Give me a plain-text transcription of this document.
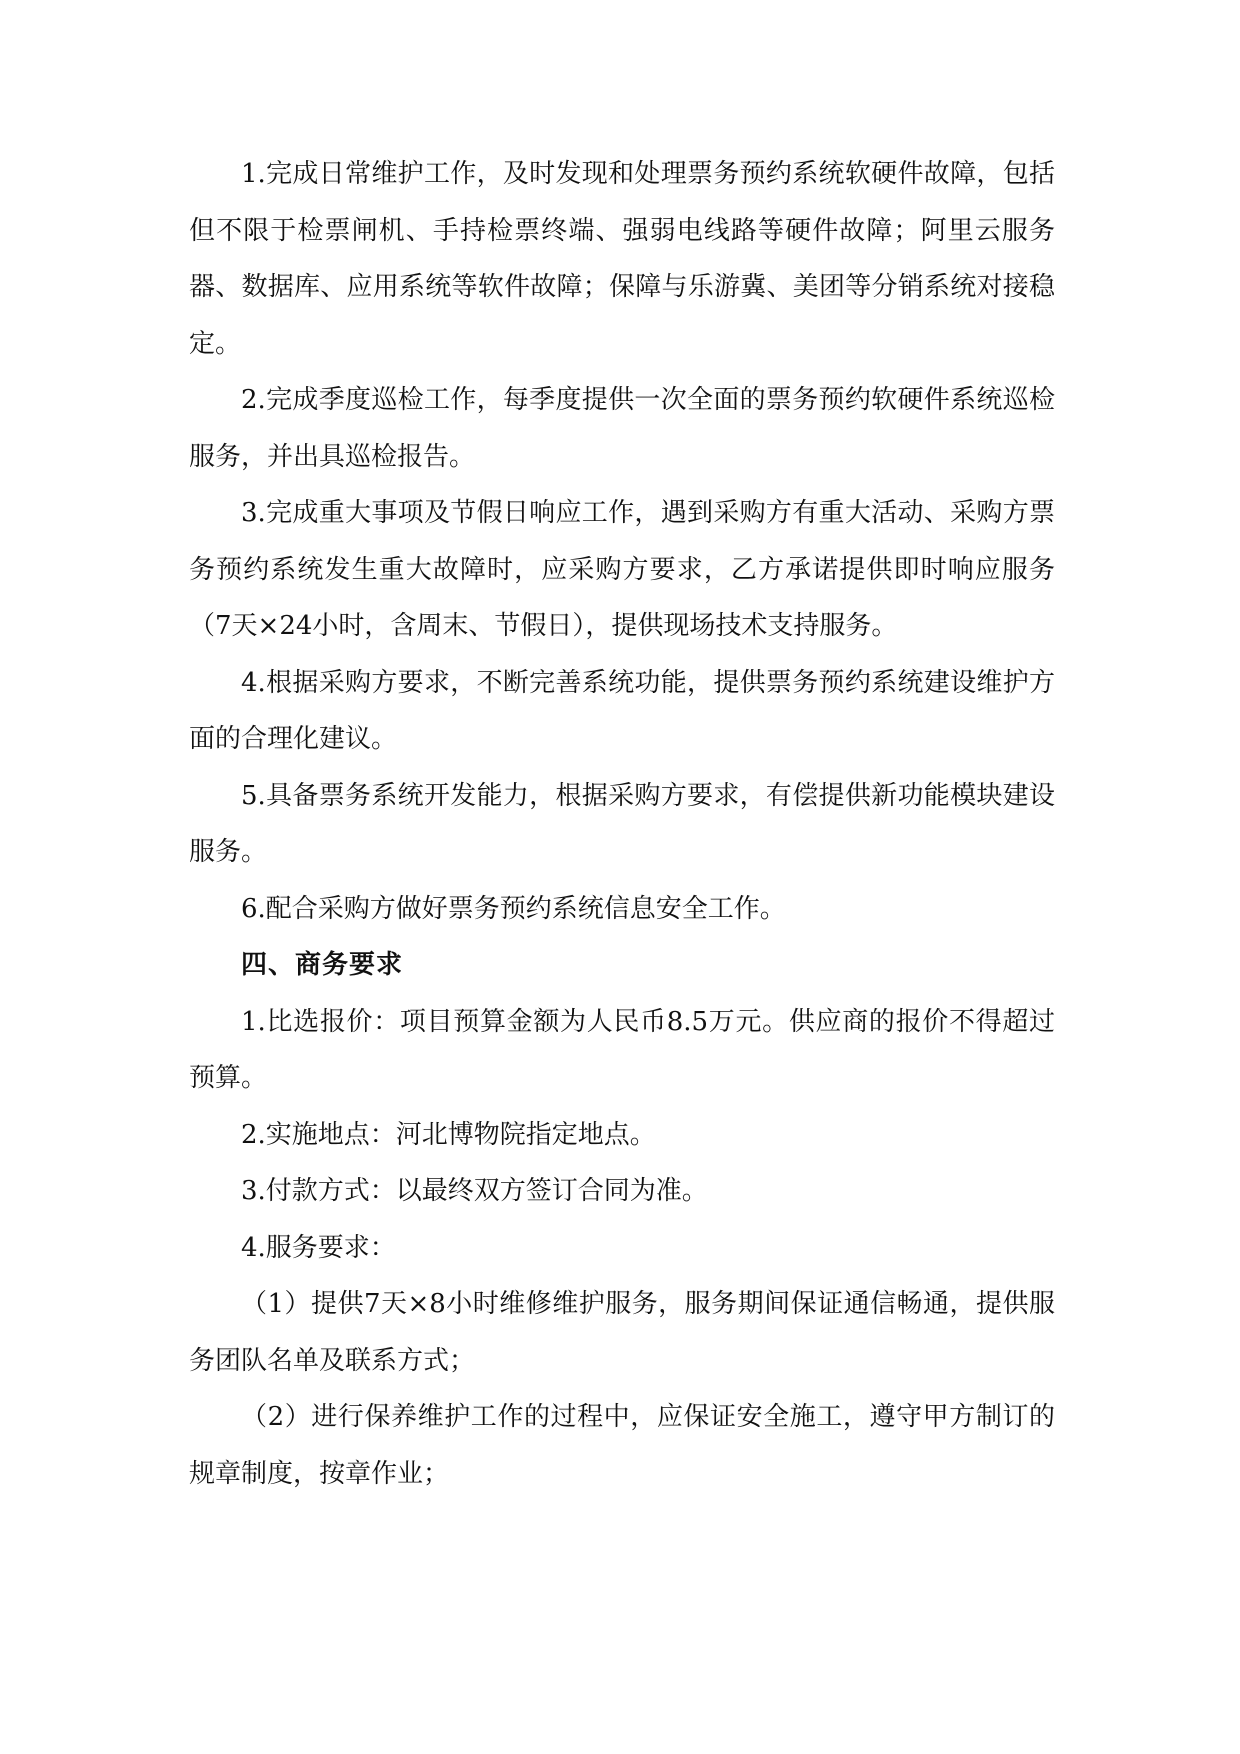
1.完成日常维护工作，及时发现和处理票务预约系统软硬件故障，包括但不限于检票闸机、手持检票终端、强弱电线路等硬件故障；阿里云服务器、数据库、应用系统等软件故障；保障与乐游冀、美团等分销系统对接稳定。

2.完成季度巡检工作，每季度提供一次全面的票务预约软硬件系统巡检服务，并出具巡检报告。

3.完成重大事项及节假日响应工作，遇到采购方有重大活动、采购方票务预约系统发生重大故障时，应采购方要求，乙方承诺提供即时响应服务（7天×24小时，含周末、节假日），提供现场技术支持服务。

4.根据采购方要求，不断完善系统功能，提供票务预约系统建设维护方面的合理化建议。

5.具备票务系统开发能力，根据采购方要求，有偿提供新功能模块建设服务。

6.配合采购方做好票务预约系统信息安全工作。

四、商务要求

1.比选报价：项目预算金额为人民币8.5万元。供应商的报价不得超过预算。

2.实施地点：河北博物院指定地点。

3.付款方式：以最终双方签订合同为准。

4.服务要求：

（1）提供7天×8小时维修维护服务，服务期间保证通信畅通，提供服务团队名单及联系方式；

（2）进行保养维护工作的过程中，应保证安全施工，遵守甲方制订的规章制度，按章作业；
